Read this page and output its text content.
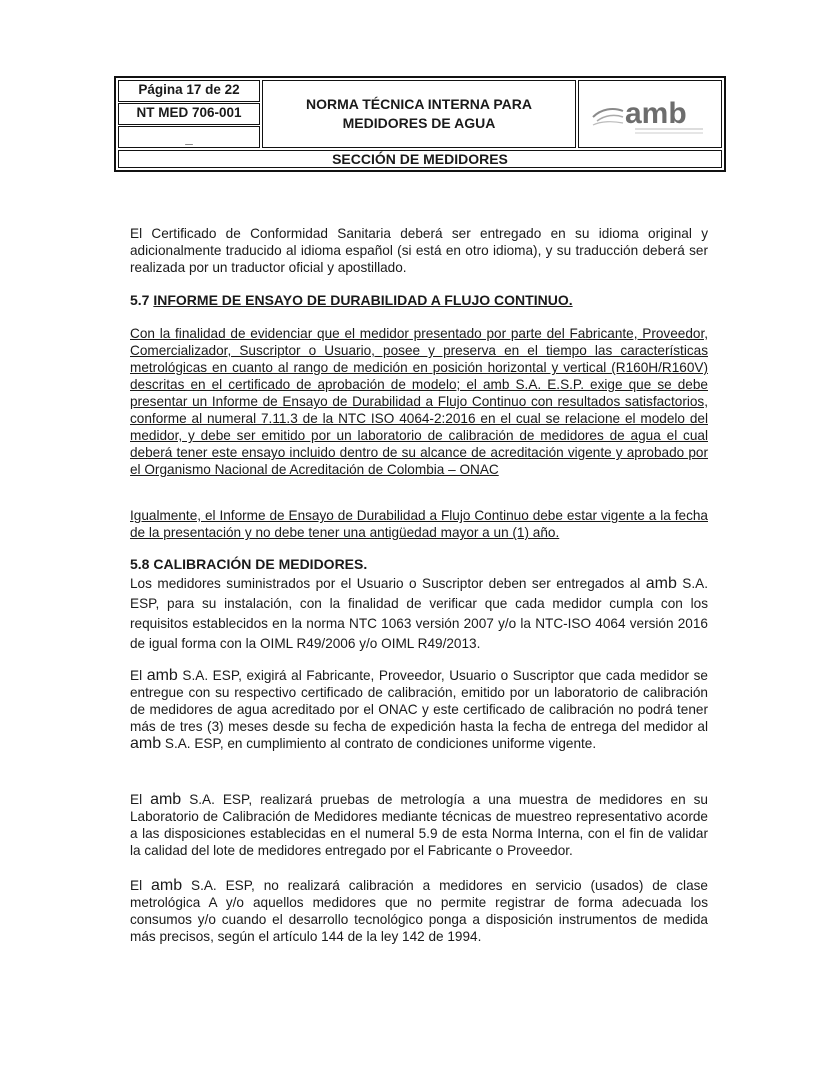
Página 17 de 22
NT MED 706-001
_
NORMA TÉCNICA INTERNA PARA
MEDIDORES DE AGUA	amb
SECCIÓN DE MEDIDORES
El Certificado de Conformidad Sanitaria deberá ser entregado en su idioma original y adicionalmente traducido al idioma español (si está en otro idioma), y su traducción deberá ser realizada por un traductor oficial y apostillado.
5.7 INFORME DE ENSAYO DE DURABILIDAD A FLUJO CONTINUO.
Con la finalidad de evidenciar que el medidor presentado por parte del Fabricante, Proveedor, Comercializador, Suscriptor o Usuario, posee y preserva en el tiempo las características metrológicas en cuanto al rango de medición en posición horizontal y vertical (R160H/R160V) descritas en el certificado de aprobación de modelo; el amb S.A. E.S.P. exige que se debe presentar un Informe de Ensayo de Durabilidad a Flujo Continuo con resultados satisfactorios, conforme al numeral 7.11.3 de la NTC ISO 4064-2:2016 en el cual se relacione el modelo del medidor, y debe ser emitido por un laboratorio de calibración de medidores de agua el cual deberá tener este ensayo incluido dentro de su alcance de acreditación vigente y aprobado por el Organismo Nacional de Acreditación de Colombia – ONAC
Igualmente, el Informe de Ensayo de Durabilidad a Flujo Continuo debe estar vigente a la fecha de la presentación y no debe tener una antigüedad mayor a un (1) año.
5.8 CALIBRACIÓN DE MEDIDORES.
Los medidores suministrados por el Usuario o Suscriptor deben ser entregados al amb S.A. ESP, para su instalación, con la finalidad de verificar que cada medidor cumpla con los requisitos establecidos en la norma NTC 1063 versión 2007 y/o la NTC-ISO 4064 versión 2016 de igual forma con la OIML R49/2006 y/o OIML R49/2013.
El amb S.A. ESP, exigirá al Fabricante, Proveedor, Usuario o Suscriptor que cada medidor se entregue con su respectivo certificado de calibración, emitido por un laboratorio de calibración de medidores de agua acreditado por el ONAC y este certificado de calibración no podrá tener más de tres (3) meses desde su fecha de expedición hasta la fecha de entrega del medidor al amb S.A. ESP, en cumplimiento al contrato de condiciones uniforme vigente.
El amb S.A. ESP, realizará pruebas de metrología a una muestra de medidores en su Laboratorio de Calibración de Medidores mediante técnicas de muestreo representativo acorde a las disposiciones establecidas en el numeral 5.9 de esta Norma Interna, con el fin de validar la calidad del lote de medidores entregado por el Fabricante o Proveedor.
El amb S.A. ESP, no realizará calibración a medidores en servicio (usados) de clase metrológica A y/o aquellos medidores que no permite registrar de forma adecuada los consumos y/o cuando el desarrollo tecnológico ponga a disposición instrumentos de medida más precisos, según el artículo 144 de la ley 142 de 1994.
